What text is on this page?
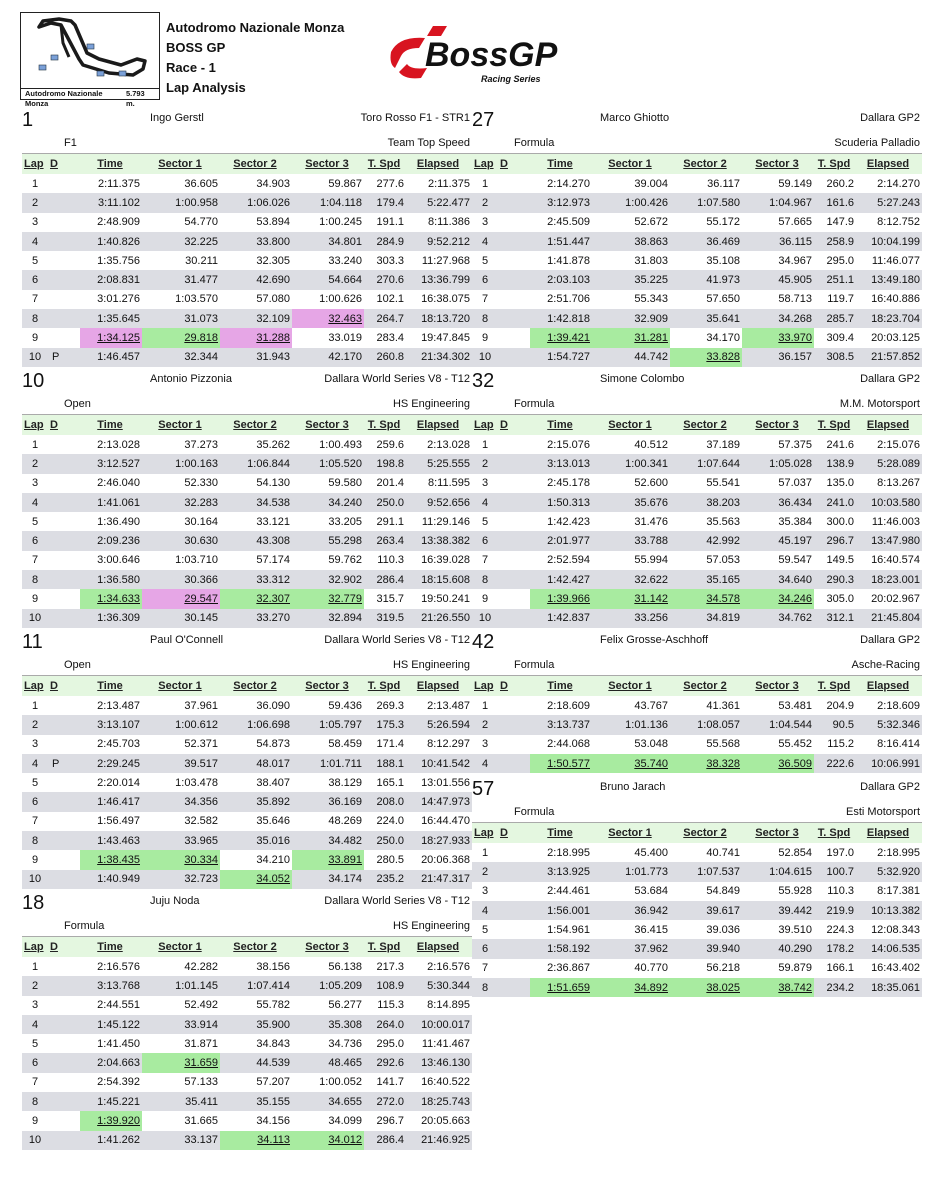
Autodromo Nazionale Monza
5.793 m.
Autodromo Nazionale Monza
BOSS GP
Race - 1
Lap Analysis
BossGP
Racing Series
1	Ingo Gerstl	Toro Rosso F1 - STR1
F1	Team Top Speed
Lap	D	Time	Sector 1	Sector 2	Sector 3	T. Spd	Elapsed
1		2:11.375	36.605	34.903	59.867	277.6	2:11.375
2		3:11.102	1:00.958	1:06.026	1:04.118	179.4	5:22.477
3		2:48.909	54.770	53.894	1:00.245	191.1	8:11.386
4		1:40.826	32.225	33.800	34.801	284.9	9:52.212
5		1:35.756	30.211	32.305	33.240	303.3	11:27.968
6		2:08.831	31.477	42.690	54.664	270.6	13:36.799
7		3:01.276	1:03.570	57.080	1:00.626	102.1	16:38.075
8		1:35.645	31.073	32.109	32.463	264.7	18:13.720
9		1:34.125	29.818	31.288	33.019	283.4	19:47.845
10	P	1:46.457	32.344	31.943	42.170	260.8	21:34.302
27	Marco Ghiotto	Dallara GP2
Formula	Scuderia Palladio
Lap	D	Time	Sector 1	Sector 2	Sector 3	T. Spd	Elapsed
1		2:14.270	39.004	36.117	59.149	260.2	2:14.270
2		3:12.973	1:00.426	1:07.580	1:04.967	161.6	5:27.243
3		2:45.509	52.672	55.172	57.665	147.9	8:12.752
4		1:51.447	38.863	36.469	36.115	258.9	10:04.199
5		1:41.878	31.803	35.108	34.967	295.0	11:46.077
6		2:03.103	35.225	41.973	45.905	251.1	13:49.180
7		2:51.706	55.343	57.650	58.713	119.7	16:40.886
8		1:42.818	32.909	35.641	34.268	285.7	18:23.704
9		1:39.421	31.281	34.170	33.970	309.4	20:03.125
10		1:54.727	44.742	33.828	36.157	308.5	21:57.852
10	Antonio Pizzonia	Dallara World Series V8 - T12
Open	HS Engineering
Lap	D	Time	Sector 1	Sector 2	Sector 3	T. Spd	Elapsed
1		2:13.028	37.273	35.262	1:00.493	259.6	2:13.028
2		3:12.527	1:00.163	1:06.844	1:05.520	198.8	5:25.555
3		2:46.040	52.330	54.130	59.580	201.4	8:11.595
4		1:41.061	32.283	34.538	34.240	250.0	9:52.656
5		1:36.490	30.164	33.121	33.205	291.1	11:29.146
6		2:09.236	30.630	43.308	55.298	263.4	13:38.382
7		3:00.646	1:03.710	57.174	59.762	110.3	16:39.028
8		1:36.580	30.366	33.312	32.902	286.4	18:15.608
9		1:34.633	29.547	32.307	32.779	315.7	19:50.241
10		1:36.309	30.145	33.270	32.894	319.5	21:26.550
32	Simone Colombo	Dallara GP2
Formula	M.M. Motorsport
Lap	D	Time	Sector 1	Sector 2	Sector 3	T. Spd	Elapsed
1		2:15.076	40.512	37.189	57.375	241.6	2:15.076
2		3:13.013	1:00.341	1:07.644	1:05.028	138.9	5:28.089
3		2:45.178	52.600	55.541	57.037	135.0	8:13.267
4		1:50.313	35.676	38.203	36.434	241.0	10:03.580
5		1:42.423	31.476	35.563	35.384	300.0	11:46.003
6		2:01.977	33.788	42.992	45.197	296.7	13:47.980
7		2:52.594	55.994	57.053	59.547	149.5	16:40.574
8		1:42.427	32.622	35.165	34.640	290.3	18:23.001
9		1:39.966	31.142	34.578	34.246	305.0	20:02.967
10		1:42.837	33.256	34.819	34.762	312.1	21:45.804
11	Paul O'Connell	Dallara World Series V8 - T12
Open	HS Engineering
Lap	D	Time	Sector 1	Sector 2	Sector 3	T. Spd	Elapsed
1		2:13.487	37.961	36.090	59.436	269.3	2:13.487
2		3:13.107	1:00.612	1:06.698	1:05.797	175.3	5:26.594
3		2:45.703	52.371	54.873	58.459	171.4	8:12.297
4	P	2:29.245	39.517	48.017	1:01.711	188.1	10:41.542
5		2:20.014	1:03.478	38.407	38.129	165.1	13:01.556
6		1:46.417	34.356	35.892	36.169	208.0	14:47.973
7		1:56.497	32.582	35.646	48.269	224.0	16:44.470
8		1:43.463	33.965	35.016	34.482	250.0	18:27.933
9		1:38.435	30.334	34.210	33.891	280.5	20:06.368
10		1:40.949	32.723	34.052	34.174	235.2	21:47.317
42	Felix Grosse-Aschhoff	Dallara GP2
Formula	Asche-Racing
Lap	D	Time	Sector 1	Sector 2	Sector 3	T. Spd	Elapsed
1		2:18.609	43.767	41.361	53.481	204.9	2:18.609
2		3:13.737	1:01.136	1:08.057	1:04.544	90.5	5:32.346
3		2:44.068	53.048	55.568	55.452	115.2	8:16.414
4		1:50.577	35.740	38.328	36.509	222.6	10:06.991
57	Bruno Jarach	Dallara GP2
Formula	Esti Motorsport
Lap	D	Time	Sector 1	Sector 2	Sector 3	T. Spd	Elapsed
1		2:18.995	45.400	40.741	52.854	197.0	2:18.995
2		3:13.925	1:01.773	1:07.537	1:04.615	100.7	5:32.920
3		2:44.461	53.684	54.849	55.928	110.3	8:17.381
4		1:56.001	36.942	39.617	39.442	219.9	10:13.382
5		1:54.961	36.415	39.036	39.510	224.3	12:08.343
6		1:58.192	37.962	39.940	40.290	178.2	14:06.535
7		2:36.867	40.770	56.218	59.879	166.1	16:43.402
8		1:51.659	34.892	38.025	38.742	234.2	18:35.061
18	Juju Noda	Dallara World Series V8 - T12
Formula	HS Engineering
Lap	D	Time	Sector 1	Sector 2	Sector 3	T. Spd	Elapsed
1		2:16.576	42.282	38.156	56.138	217.3	2:16.576
2		3:13.768	1:01.145	1:07.414	1:05.209	108.9	5:30.344
3		2:44.551	52.492	55.782	56.277	115.3	8:14.895
4		1:45.122	33.914	35.900	35.308	264.0	10:00.017
5		1:41.450	31.871	34.843	34.736	295.0	11:41.467
6		2:04.663	31.659	44.539	48.465	292.6	13:46.130
7		2:54.392	57.133	57.207	1:00.052	141.7	16:40.522
8		1:45.221	35.411	35.155	34.655	272.0	18:25.743
9		1:39.920	31.665	34.156	34.099	296.7	20:05.663
10		1:41.262	33.137	34.113	34.012	286.4	21:46.925
